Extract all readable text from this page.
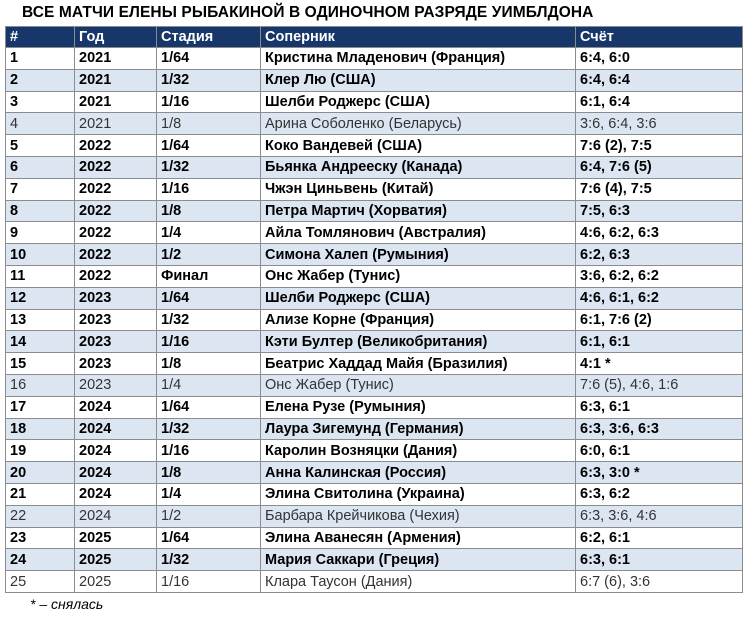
ВСЕ МАТЧИ ЕЛЕНЫ РЫБАКИНОЙ В ОДИНОЧНОМ РАЗРЯДЕ УИМБЛДОНА
#	Год	Стадия	Соперник	Счёт
1	2021	1/64	Кристина Младенович (Франция)	6:4, 6:0
2	2021	1/32	Клер Лю (США)	6:4, 6:4
3	2021	1/16	Шелби Роджерс (США)	6:1, 6:4
4	2021	1/8	Арина Соболенко (Беларусь)	3:6, 6:4, 3:6
5	2022	1/64	Коко Вандевей (США)	7:6 (2), 7:5
6	2022	1/32	Бьянка Андрееску (Канада)	6:4, 7:6 (5)
7	2022	1/16	Чжэн Циньвень (Китай)	7:6 (4), 7:5
8	2022	1/8	Петра Мартич (Хорватия)	7:5, 6:3
9	2022	1/4	Айла Томлянович (Австралия)	4:6, 6:2, 6:3
10	2022	1/2	Симона Халеп (Румыния)	6:2, 6:3
11	2022	Финал	Онс Жабер (Тунис)	3:6, 6:2, 6:2
12	2023	1/64	Шелби Роджерс (США)	4:6, 6:1, 6:2
13	2023	1/32	Ализе Корне (Франция)	6:1, 7:6 (2)
14	2023	1/16	Кэти Бултер (Великобритания)	6:1, 6:1
15	2023	1/8	Беатрис Хаддад Майя (Бразилия)	4:1 *
16	2023	1/4	Онс Жабер (Тунис)	7:6 (5), 4:6, 1:6
17	2024	1/64	Елена Рузе (Румыния)	6:3, 6:1
18	2024	1/32	Лаура Зигемунд (Германия)	6:3, 3:6, 6:3
19	2024	1/16	Каролин Возняцки (Дания)	6:0, 6:1
20	2024	1/8	Анна Калинская (Россия)	6:3, 3:0 *
21	2024	1/4	Элина Свитолина (Украина)	6:3, 6:2
22	2024	1/2	Барбара Крейчикова (Чехия)	6:3, 3:6, 4:6
23	2025	1/64	Элина Аванесян (Армения)	6:2, 6:1
24	2025	1/32	Мария Саккари (Греция)	6:3, 6:1
25	2025	1/16	Клара Таусон (Дания)	6:7 (6), 3:6
* – снялась
